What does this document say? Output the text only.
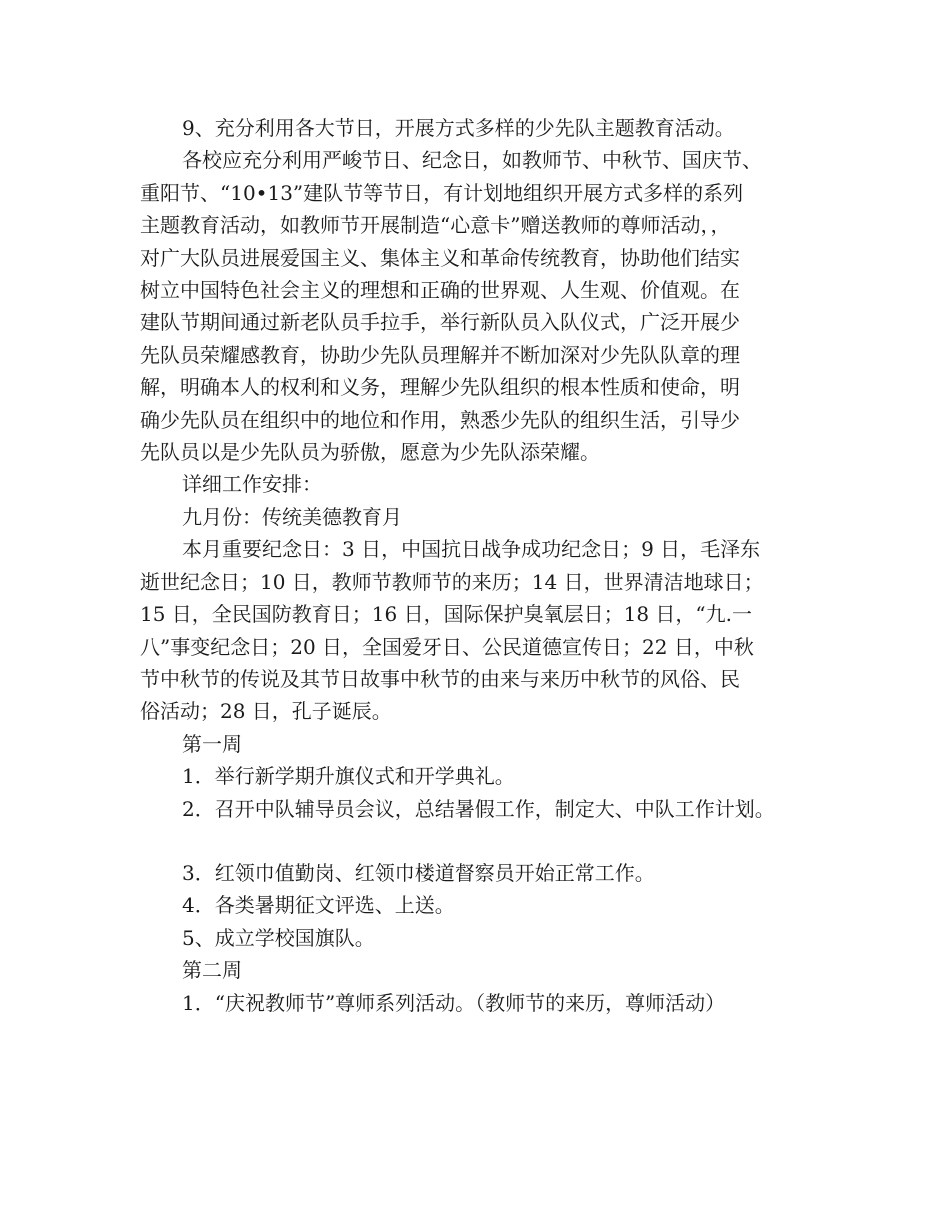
9、充分利用各大节日，开展方式多样的少先队主题教育活动。
各校应充分利用严峻节日、纪念日，如教师节、中秋节、国庆节、
重阳节、“10•13”建队节等节日，有计划地组织开展方式多样的系列
主题教育活动，如教师节开展制造“心意卡”赠送教师的尊师活动，，
对广大队员进展爱国主义、集体主义和革命传统教育，协助他们结实
树立中国特色社会主义的理想和正确的世界观、人生观、价值观。在
建队节期间通过新老队员手拉手，举行新队员入队仪式，广泛开展少
先队员荣耀感教育，协助少先队员理解并不断加深对少先队队章的理
解，明确本人的权利和义务，理解少先队组织的根本性质和使命，明
确少先队员在组织中的地位和作用，熟悉少先队的组织生活，引导少
先队员以是少先队员为骄傲，愿意为少先队添荣耀。
详细工作安排：
九月份：传统美德教育月
本月重要纪念日：3 日，中国抗日战争成功纪念日；9 日，毛泽东
逝世纪念日；10 日，教师节教师节的来历；14 日，世界清洁地球日；
15 日，全民国防教育日；16 日，国际保护臭氧层日；18 日，“九.一
八”事变纪念日；20 日，全国爱牙日、公民道德宣传日；22 日，中秋
节中秋节的传说及其节日故事中秋节的由来与来历中秋节的风俗、民
俗活动；28 日，孔子诞辰。
第一周
1．举行新学期升旗仪式和开学典礼。
2．召开中队辅导员会议，总结暑假工作，制定大、中队工作计划。
3．红领巾值勤岗、红领巾楼道督察员开始正常工作。
4．各类暑期征文评选、上送。
5、成立学校国旗队。
第二周
1．“庆祝教师节”尊师系列活动。（教师节的来历，尊师活动）
